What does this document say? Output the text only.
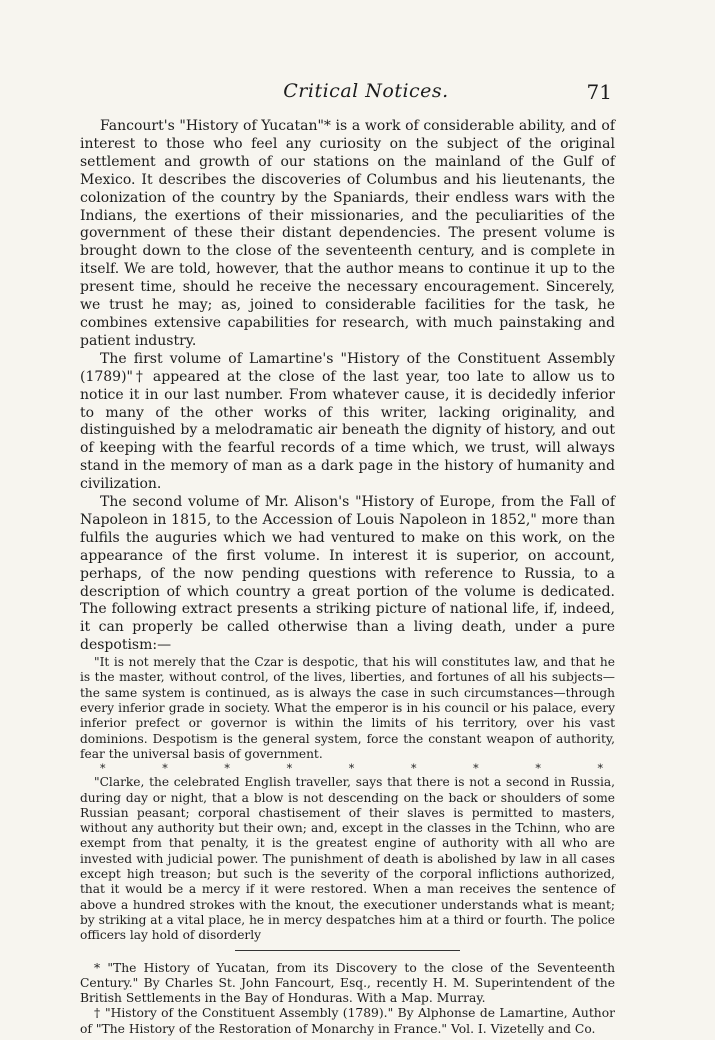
Critical Notices.	71

Fancourt's "History of Yucatan"* is a work of considerable ability, and of interest to those who feel any curiosity on the subject of the original settlement and growth of our stations on the mainland of the Gulf of Mexico. It describes the discoveries of Columbus and his lieutenants, the colonization of the country by the Spaniards, their endless wars with the Indians, the exertions of their missionaries, and the peculiarities of the government of these their distant dependencies. The present volume is brought down to the close of the seventeenth century, and is complete in itself. We are told, however, that the author means to continue it up to the present time, should he receive the necessary encouragement. Sincerely, we trust he may; as, joined to considerable facilities for the task, he combines extensive capabilities for research, with much painstaking and patient industry.

The first volume of Lamartine's "History of the Constituent Assembly (1789)"† appeared at the close of the last year, too late to allow us to notice it in our last number. From whatever cause, it is decidedly inferior to many of the other works of this writer, lacking originality, and distinguished by a melodramatic air beneath the dignity of history, and out of keeping with the fearful records of a time which, we trust, will always stand in the memory of man as a dark page in the history of humanity and civilization.

The second volume of Mr. Alison's "History of Europe, from the Fall of Napoleon in 1815, to the Accession of Louis Napoleon in 1852," more than fulfils the auguries which we had ventured to make on this work, on the appearance of the first volume. In interest it is superior, on account, perhaps, of the now pending questions with reference to Russia, to a description of which country a great portion of the volume is dedicated. The following extract presents a striking picture of national life, if, indeed, it can properly be called otherwise than a living death, under a pure despotism:—

"It is not merely that the Czar is despotic, that his will constitutes law, and that he is the master, without control, of the lives, liberties, and fortunes of all his subjects—the same system is continued, as is always the case in such circumstances—through every inferior grade in society. What the emperor is in his council or his palace, every inferior prefect or governor is within the limits of his territory, over his vast dominions. Despotism is the general system, force the constant weapon of authority, fear the universal basis of government.
*	*	*	*	*	*	*	*	*
"Clarke, the celebrated English traveller, says that there is not a second in Russia, during day or night, that a blow is not descending on the back or shoulders of some Russian peasant; corporal chastisement of their slaves is permitted to masters, without any authority but their own; and, except in the classes in the Tchinn, who are exempt from that penalty, it is the greatest engine of authority with all who are invested with judicial power. The punishment of death is abolished by law in all cases except high treason; but such is the severity of the corporal inflictions authorized, that it would be a mercy if it were restored. When a man receives the sentence of above a hundred strokes with the knout, the executioner understands what is meant; by striking at a vital place, he in mercy despatches him at a third or fourth. The police officers lay hold of disorderly

* "The History of Yucatan, from its Discovery to the close of the Seventeenth Century." By Charles St. John Fancourt, Esq., recently H. M. Superintendent of the British Settlements in the Bay of Honduras. With a Map. Murray.

† "History of the Constituent Assembly (1789)." By Alphonse de Lamartine, Author of "The History of the Restoration of Monarchy in France." Vol. I. Vizetelly and Co.
